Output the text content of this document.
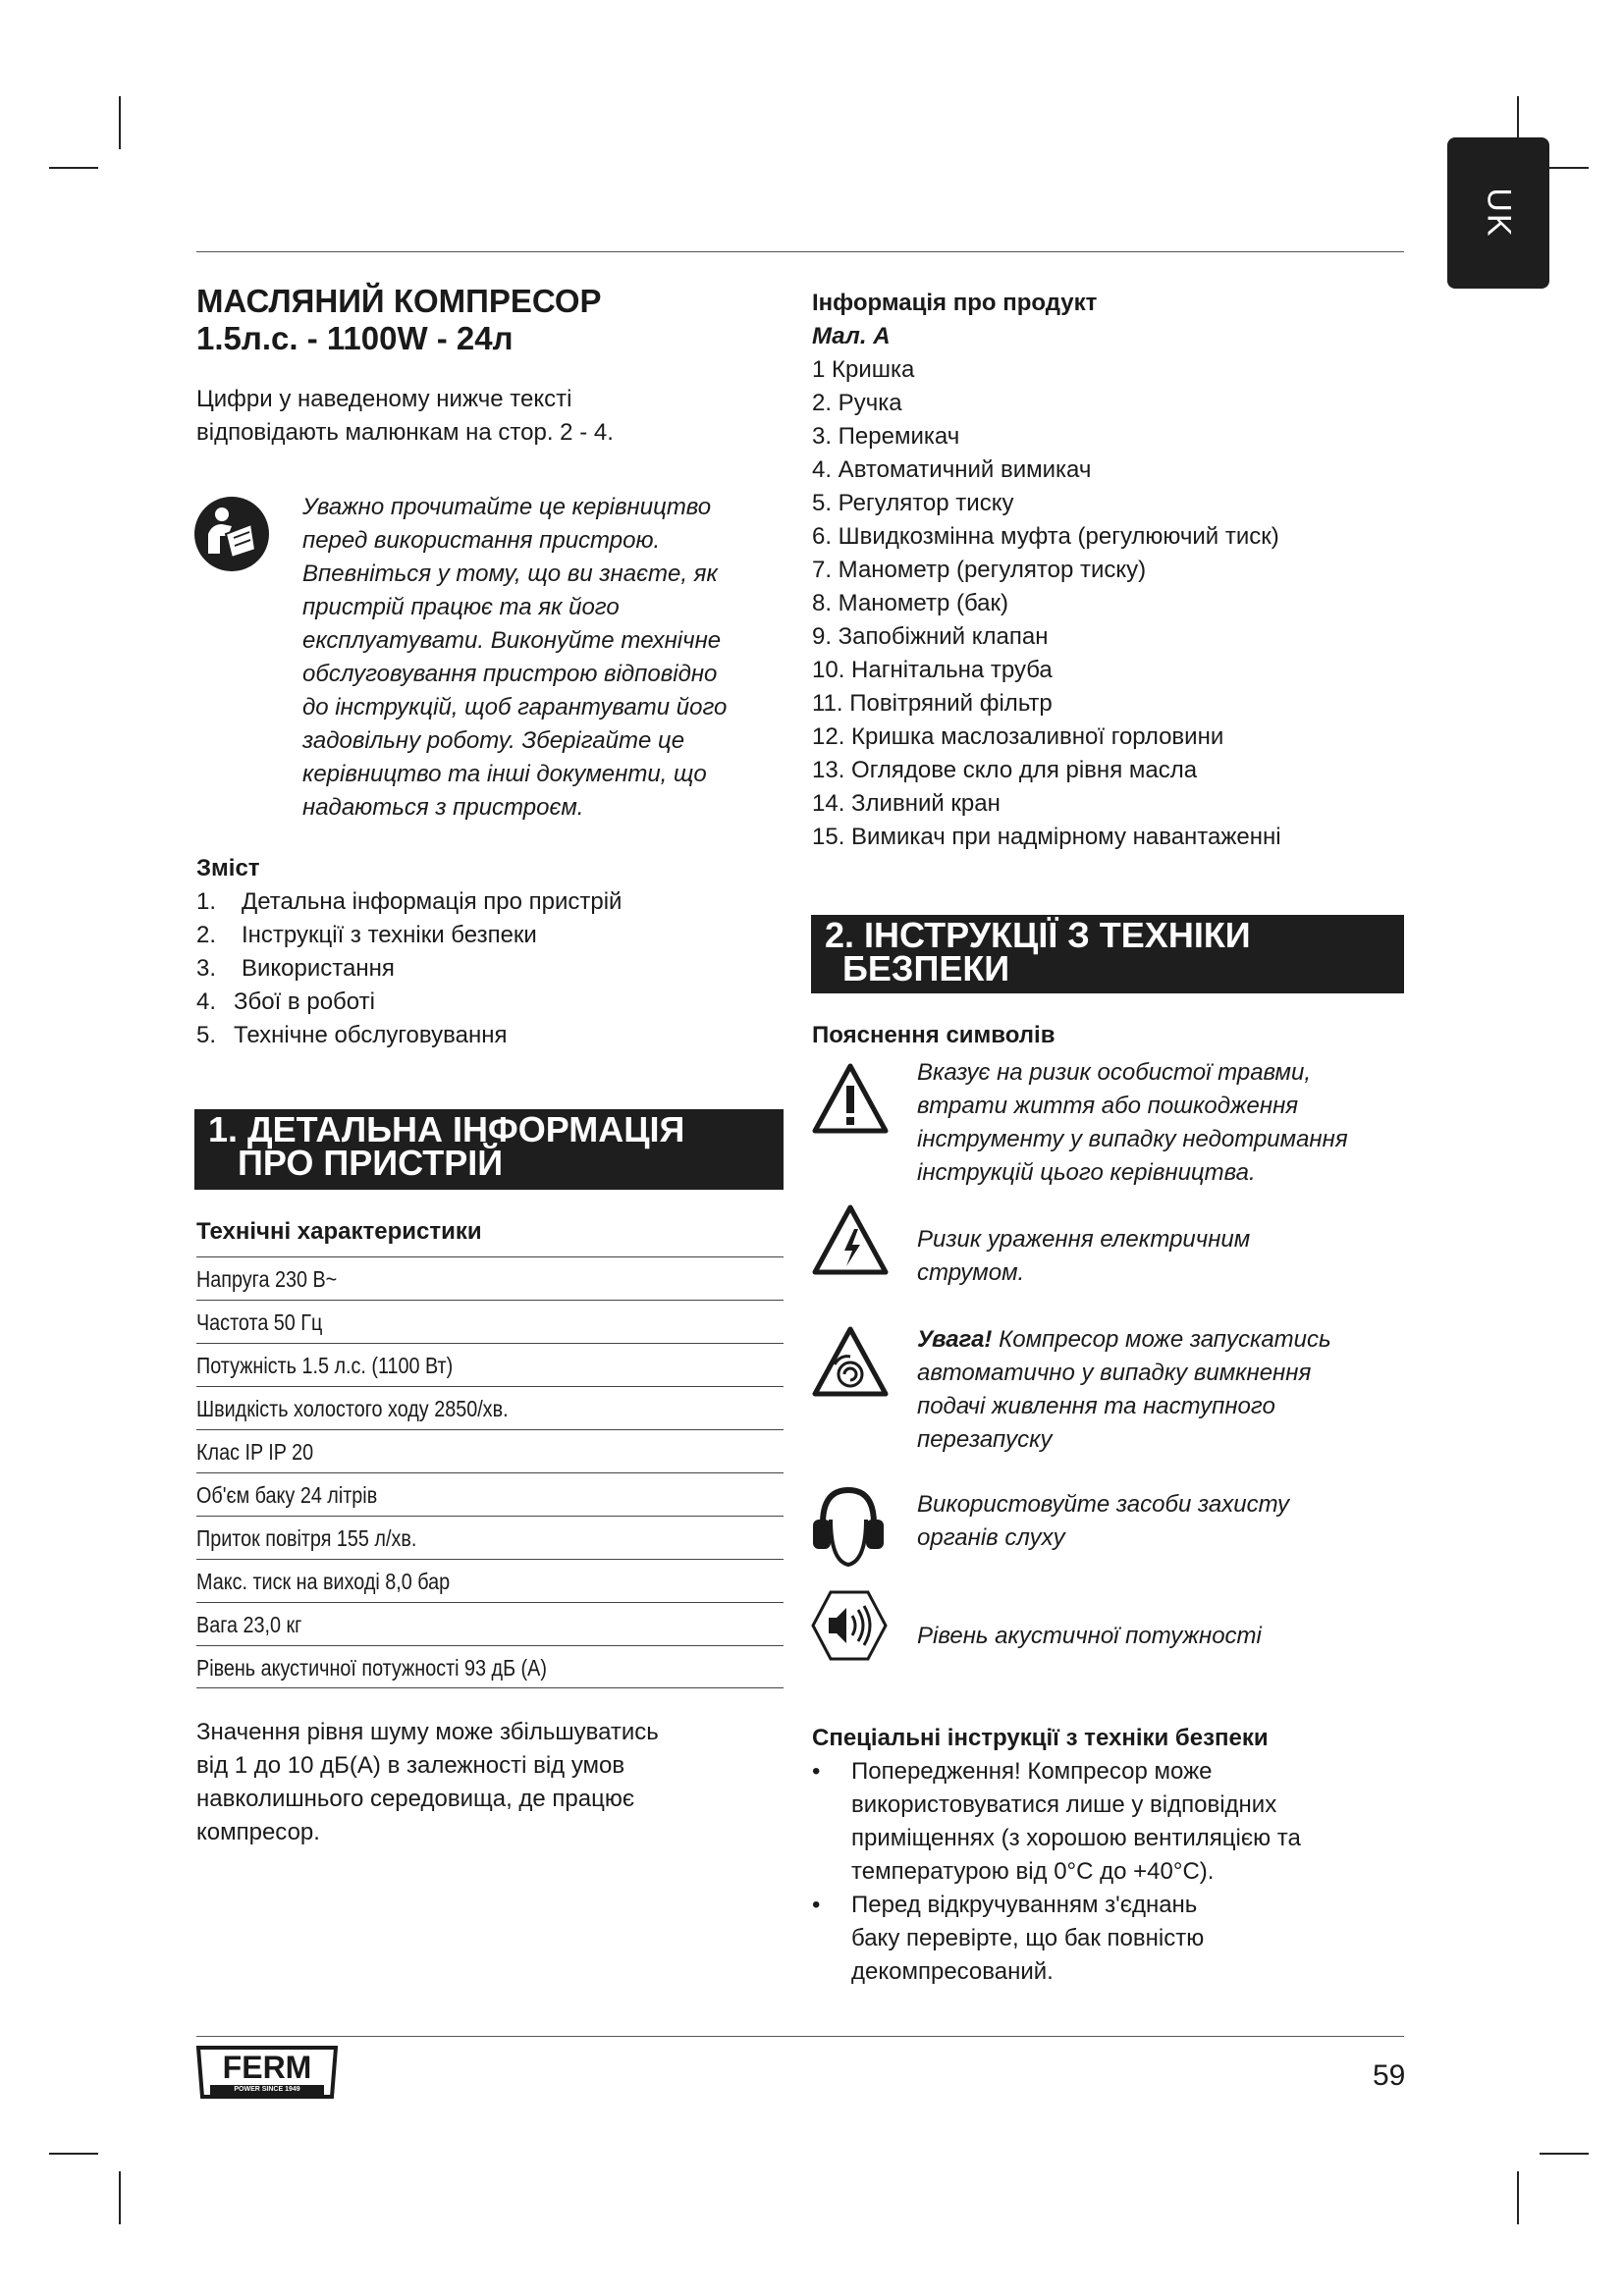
UK
МАСЛЯНИЙ КОМПРЕСОР
1.5л.с. - 1100W - 24л
Цифри у наведеному нижче тексті
відповідають малюнкам на стор. 2 - 4.
Уважно прочитайте це керівництво
перед використання пристрою.
Впевніться у тому, що ви знаєте, як
пристрій працює та як його
експлуатувати. Виконуйте технічне
обслуговування пристрою відповідно
до інструкцій, щоб гарантувати його
задовільну роботу. Зберігайте це
керівництво та інші документи, що
надаються з пристроєм.
Зміст
1. Детальна інформація про пристрій
2. Інструкції з техніки безпеки
3. Використання
4. Збої в роботі
5. Технічне обслуговування
1. ДЕТАЛЬНА ІНФОРМАЦІЯ
ПРО ПРИСТРІЙ
Технічні характеристики
Напруга 230 В~
Частота 50 Гц
Потужність 1.5 л.с. (1100 Вт)
Швидкість холостого ходу 2850/хв.
Клас IP IP 20
Об'єм баку 24 літрів
Приток повітря 155 л/хв.
Макс. тиск на виході 8,0 бар
Вага 23,0 кг
Рівень акустичної потужності 93 дБ (А)
Значення рівня шуму може збільшуватись
від 1 до 10 дБ(А) в залежності від умов
навколишнього середовища, де працює
компресор.
Інформація про продукт
Мал. А
1 Кришка
2. Ручка
3. Перемикач
4. Автоматичний вимикач
5. Регулятор тиску
6. Швидкозмінна муфта (регулюючий тиск)
7. Манометр (регулятор тиску)
8. Манометр (бак)
9. Запобіжний клапан
10. Нагнітальна труба
11. Повітряний фільтр
12. Кришка маслозаливної горловини
13. Оглядове скло для рівня масла
14. Зливний кран
15. Вимикач при надмірному навантаженні
2. ІНСТРУКЦІЇ З ТЕХНІКИ
БЕЗПЕКИ
Пояснення символів
Вказує на ризик особистої травми,
втрати життя або пошкодження
інструменту у випадку недотримання
інструкцій цього керівництва.
Ризик ураження електричним
струмом.
Увага! Компресор може запускатись
автоматично у випадку вимкнення
подачі живлення та наступного
перезапуску
Використовуйте засоби захисту
органів слуху
Рівень акустичної потужності
Спеціальні інструкції з техніки безпеки
• Попередження! Компресор може
використовуватися лише у відповідних
приміщеннях (з хорошою вентиляцією та
температурою від 0°C до +40°C).
• Перед відкручуванням з'єднань
баку перевірте, що бак повністю
декомпресований.
FERM
POWER SINCE 1949	59
